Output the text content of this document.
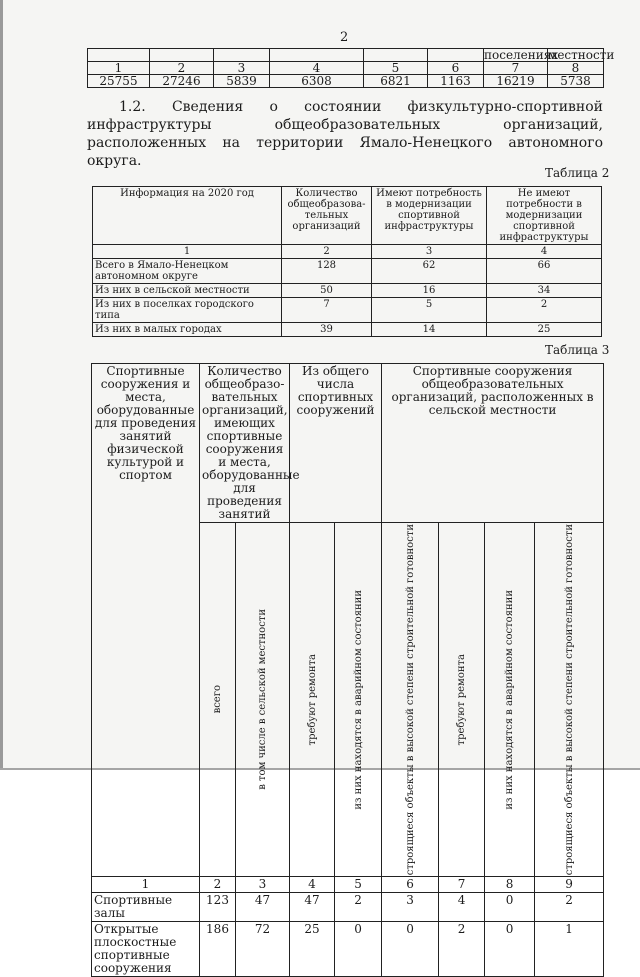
2
						поселениях	местности
1	2	3	4	5	6	7	8
25755	27246	5839	6308	6821	1163	16219	5738
1.2. Сведения о состоянии физкультурно-спортивной инфраструктуры общеобразовательных организаций, расположенных на территории Ямало-Ненецкого автономного округа.
Таблица 2
Информация на 2020 год	Количество общеобразова-тельных организаций	Имеют потребность в модернизации спортивной инфраструктуры	Не имеют потребности в модернизации спортивной инфраструктуры
1	2	3	4
Всего в Ямало-Ненецком автономном округе	128	62	66
Из них в сельской местности	50	16	34
Из них в поселках городского типа	7	5	2
Из них в малых городах	39	14	25
Таблица 3
Спортивные сооружения и места, оборудованные для проведения занятий физической культурой и спортом	Количество общеобразо-вательных организаций, имеющих спортивные сооружения и места, оборудованные для проведения занятий		Из общего числа спортивных сооружений		Спортивные сооружения общеобразовательных организаций, расположенных в сельской местности			

	всего	в том числе в сельской местности	требуют ремонта	из них находятся в аварийном состоянии	строящиеся объекты в высокой степени строительной готовности	требуют ремонта	из них находятся в аварийном состоянии	строящиеся объекты в высокой степени строительной готовности

1	2	3	4	5	6	7	8	9
Спортивные залы	123	47	47	2	3	4	0	2
Открытые плоскостные спортивные сооружения	186	72	25	0	0	2	0	1
